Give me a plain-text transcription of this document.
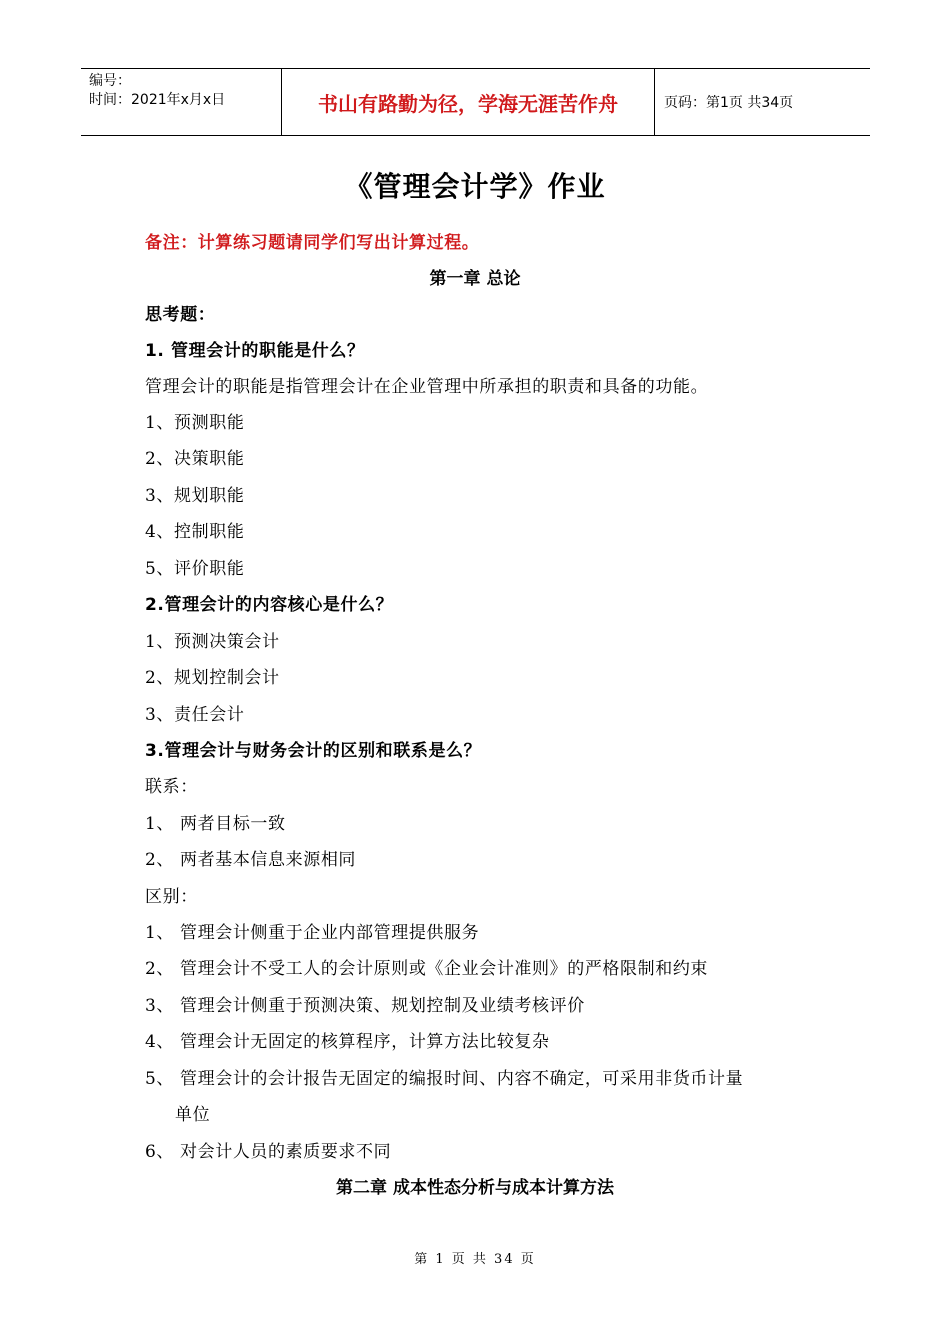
编号：
时间：2021年x月x日	书山有路勤为径，学海无涯苦作舟	页码：第1页 共34页
《管理会计学》作业
备注：计算练习题请同学们写出计算过程。
第一章 总论
思考题：
1. 管理会计的职能是什么？
管理会计的职能是指管理会计在企业管理中所承担的职责和具备的功能。
1、预测职能
2、决策职能
3、规划职能
4、控制职能
5、评价职能
2.管理会计的内容核心是什么？
1、预测决策会计
2、规划控制会计
3、责任会计
3.管理会计与财务会计的区别和联系是么？
联系：
1、 两者目标一致
2、 两者基本信息来源相同
区别：
1、 管理会计侧重于企业内部管理提供服务
2、 管理会计不受工人的会计原则或《企业会计准则》的严格限制和约束
3、 管理会计侧重于预测决策、规划控制及业绩考核评价
4、 管理会计无固定的核算程序，计算方法比较复杂
5、 管理会计的会计报告无固定的编报时间、内容不确定，可采用非货币计量
单位
6、 对会计人员的素质要求不同
第二章 成本性态分析与成本计算方法
第 1 页 共 34 页
